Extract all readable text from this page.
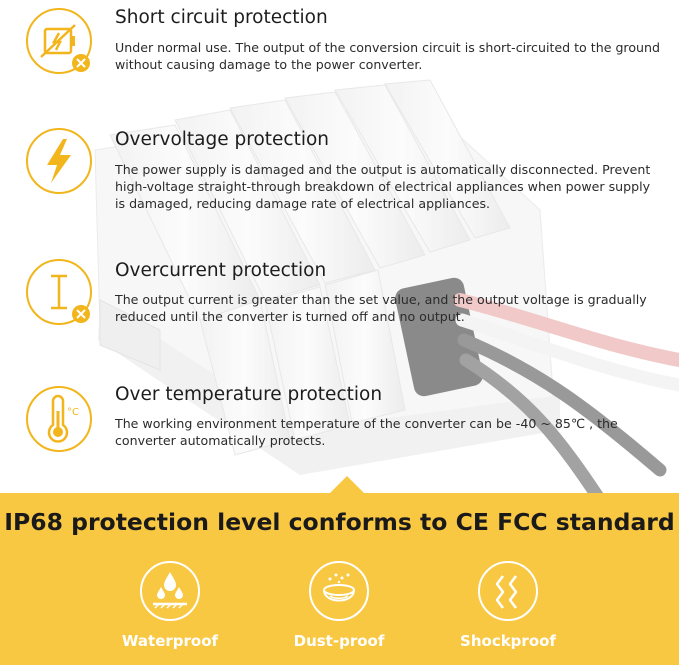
Short circuit protection
Under normal use. The output of the conversion circuit is short-circuited to the ground without causing damage to the power converter.
Overvoltage protection
The power supply is damaged and the output is automatically disconnected. Prevent high-voltage straight-through breakdown of electrical appliances when power supply is damaged, reducing damage rate of electrical appliances.
Overcurrent protection
The output current is greater than the set value, and the output voltage is gradually reduced until the converter is turned off and no output.
°C
Over temperature protection
The working environment temperature of the converter can be -40 ~ 85℃ , the converter automatically protects.
IP68 protection level conforms to CE FCC standard
Waterproof	Dust-proof	Shockproof
